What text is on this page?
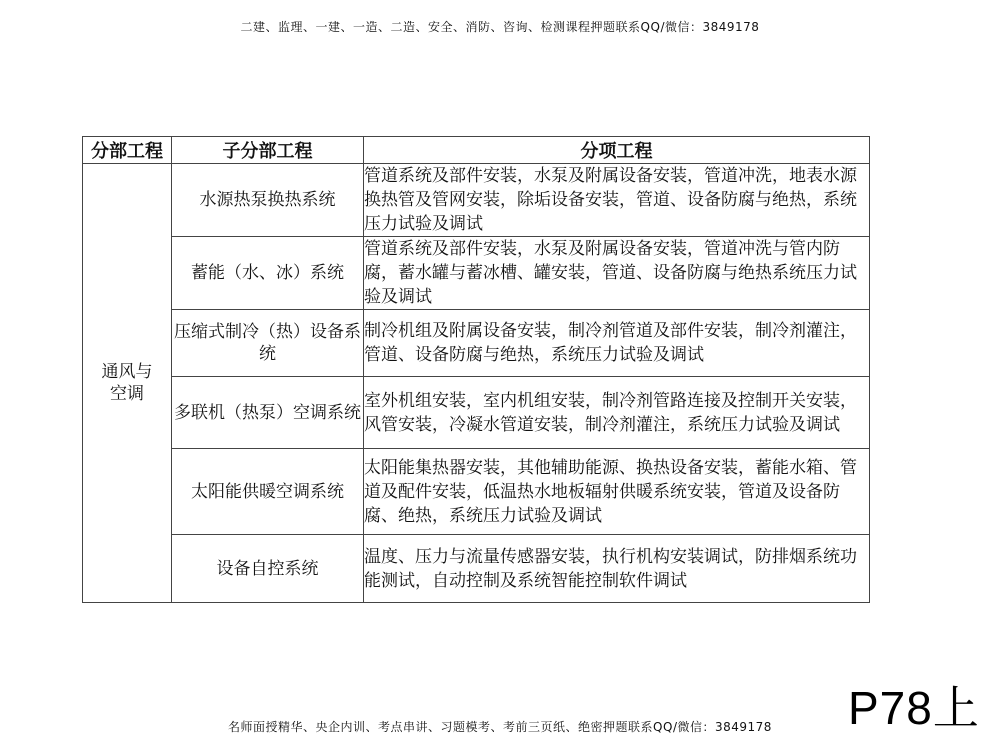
二建、监理、一建、一造、二造、安全、消防、咨询、检测课程押题联系QQ/微信：3849178
分部工程	子分部工程	分项工程
通风与
空调	水源热泵换热系统	管道系统及部件安装，水泵及附属设备安装，管道冲洗，地表水源换热管及管网安装，除垢设备安装，管道、设备防腐与绝热，系统压力试验及调试
	蓄能（水、冰）系统	管道系统及部件安装，水泵及附属设备安装，管道冲洗与管内防腐，蓄水罐与蓄冰槽、罐安装，管道、设备防腐与绝热系统压力试验及调试
	压缩式制冷（热）设备系统	制冷机组及附属设备安装，制冷剂管道及部件安装，制冷剂灌注，管道、设备防腐与绝热，系统压力试验及调试
	多联机（热泵）空调系统	室外机组安装，室内机组安装，制冷剂管路连接及控制开关安装，风管安装，冷凝水管道安装，制冷剂灌注，系统压力试验及调试
	太阳能供暖空调系统	太阳能集热器安装，其他辅助能源、换热设备安装，蓄能水箱、管道及配件安装，低温热水地板辐射供暖系统安装，管道及设备防腐、绝热，系统压力试验及调试
	设备自控系统	温度、压力与流量传感器安装，执行机构安装调试，防排烟系统功能测试，自动控制及系统智能控制软件调试
P78上
名师面授精华、央企内训、考点串讲、习题模考、考前三页纸、绝密押题联系QQ/微信：3849178
